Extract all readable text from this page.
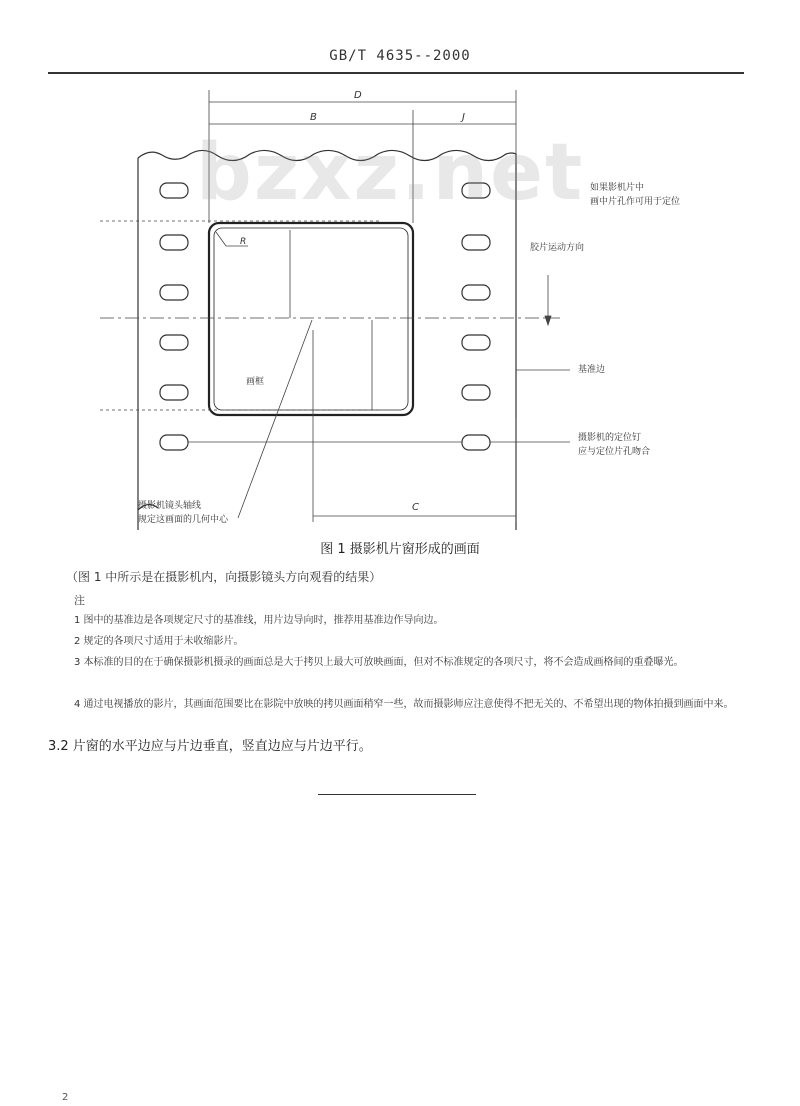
GB/T 4635--2000
D
B	J
C
R
如果影机片中画中片孔作可用于定位
胶片运动方向
基准边
摄影机的定位钉应与定位片孔吻合
摄影机镜头轴线规定这画面的几何中心
画框
bzxz.net
图 1 摄影机片窗形成的画面
（图 1 中所示是在摄影机内，向摄影镜头方向观看的结果）
注
1 图中的基准边是各项规定尺寸的基准线，用片边导向时，推荐用基准边作导向边。
2 规定的各项尺寸适用于未收缩影片。
3 本标准的目的在于确保摄影机摄录的画面总是大于拷贝上最大可放映画面，但对不标准规定的各项尺寸，将不会造成画格间的重叠曝光。
4 通过电视播放的影片，其画面范围要比在影院中放映的拷贝画面稍窄一些，故而摄影师应注意使得不把无关的、不希望出现的物体拍摄到画面中来。
3.2 片窗的水平边应与片边垂直，竖直边应与片边平行。
2
